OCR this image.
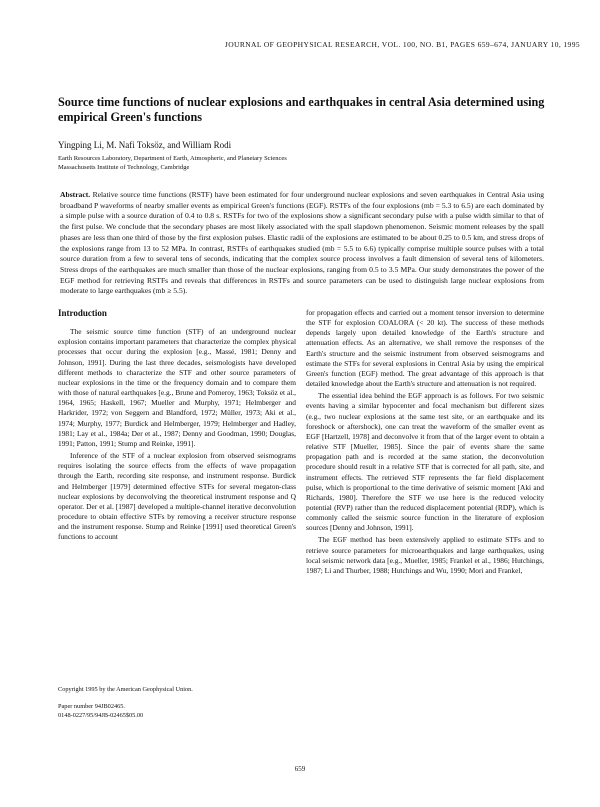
JOURNAL OF GEOPHYSICAL RESEARCH, VOL. 100, NO. B1, PAGES 659–674, JANUARY 10, 1995
Source time functions of nuclear explosions and earthquakes in central Asia determined using empirical Green's functions
Yingping Li, M. Nafi Toksöz, and William Rodi
Earth Resources Laboratory, Department of Earth, Atmospheric, and Planetary Sciences
Massachusetts Institute of Technology, Cambridge
Abstract. Relative source time functions (RSTF) have been estimated for four underground nuclear explosions and seven earthquakes in Central Asia using broadband P waveforms of nearby smaller events as empirical Green's functions (EGF). RSTFs of the four explosions (mb = 5.3 to 6.5) are each dominated by a simple pulse with a source duration of 0.4 to 0.8 s. RSTFs for two of the explosions show a significant secondary pulse with a pulse width similar to that of the first pulse. We conclude that the secondary phases are most likely associated with the spall slapdown phenomenon. Seismic moment releases by the spall phases are less than one third of those by the first explosion pulses. Elastic radii of the explosions are estimated to be about 0.25 to 0.5 km, and stress drops of the explosions range from 13 to 52 MPa. In contrast, RSTFs of earthquakes studied (mb = 5.5 to 6.6) typically comprise multiple source pulses with a total source duration from a few to several tens of seconds, indicating that the complex source process involves a fault dimension of several tens of kilometers. Stress drops of the earthquakes are much smaller than those of the nuclear explosions, ranging from 0.5 to 3.5 MPa. Our study demonstrates the power of the EGF method for retrieving RSTFs and reveals that differences in RSTFs and source parameters can be used to distinguish large nuclear explosions from moderate to large earthquakes (mb ≥ 5.5).
Introduction

The seismic source time function (STF) of an underground nuclear explosion contains important parameters that characterize the complex physical processes that occur during the explosion [e.g., Massé, 1981; Denny and Johnson, 1991]. During the last three decades, seismologists have developed different methods to characterize the STF and other source parameters of nuclear explosions in the time or the frequency domain and to compare them with those of natural earthquakes [e.g., Brune and Pomeroy, 1963; Toksöz et al., 1964, 1965; Haskell, 1967; Mueller and Murphy, 1971; Helmberger and Harkrider, 1972; von Seggern and Blandford, 1972; Müller, 1973; Aki et al., 1974; Murphy, 1977; Burdick and Helmberger, 1979; Helmberger and Hadley, 1981; Lay et al., 1984a; Der et al., 1987; Denny and Goodman, 1990; Douglas, 1991; Patton, 1991; Stump and Reinke, 1991].

Inference of the STF of a nuclear explosion from observed seismograms requires isolating the source effects from the effects of wave propagation through the Earth, recording site response, and instrument response. Burdick and Helmberger [1979] determined effective STFs for several megaton-class nuclear explosions by deconvolving the theoretical instrument response and Q operator. Der et al. [1987] developed a multiple-channel iterative deconvolution procedure to obtain effective STFs by removing a receiver structure response and the instrument response. Stump and Reinke [1991] used theoretical Green's functions to account

Copyright 1995 by the American Geophysical Union.

Paper number 94JB02465.

0148-0227/95/94JB-02465$05.00

for propagation effects and carried out a moment tensor inversion to determine the STF for explosion COALORA (< 20 kt). The success of these methods depends largely upon detailed knowledge of the Earth's structure and attenuation effects. As an alternative, we shall remove the responses of the Earth's structure and the seismic instrument from observed seismograms and estimate the STFs for several explosions in Central Asia by using the empirical Green's function (EGF) method. The great advantage of this approach is that detailed knowledge about the Earth's structure and attenuation is not required.

The essential idea behind the EGF approach is as follows. For two seismic events having a similar hypocenter and focal mechanism but different sizes (e.g., two nuclear explosions at the same test site, or an earthquake and its foreshock or aftershock), one can treat the waveform of the smaller event as EGF [Hartzell, 1978] and deconvolve it from that of the larger event to obtain a relative STF [Mueller, 1985]. Since the pair of events share the same propagation path and is recorded at the same station, the deconvolution procedure should result in a relative STF that is corrected for all path, site, and instrument effects. The retrieved STF represents the far field displacement pulse, which is proportional to the time derivative of seismic moment [Aki and Richards, 1980]. Therefore the STF we use here is the reduced velocity potential (RVP) rather than the reduced displacement potential (RDP), which is commonly called the seismic source function in the literature of explosion sources [Denny and Johnson, 1991].

The EGF method has been extensively applied to estimate STFs and to retrieve source parameters for microearthquakes and large earthquakes, using local seismic network data [e.g., Mueller, 1985; Frankel et al., 1986; Hutchings, 1987; Li and Thurber, 1988; Hutchings and Wu, 1990; Mori and Frankel,

659
